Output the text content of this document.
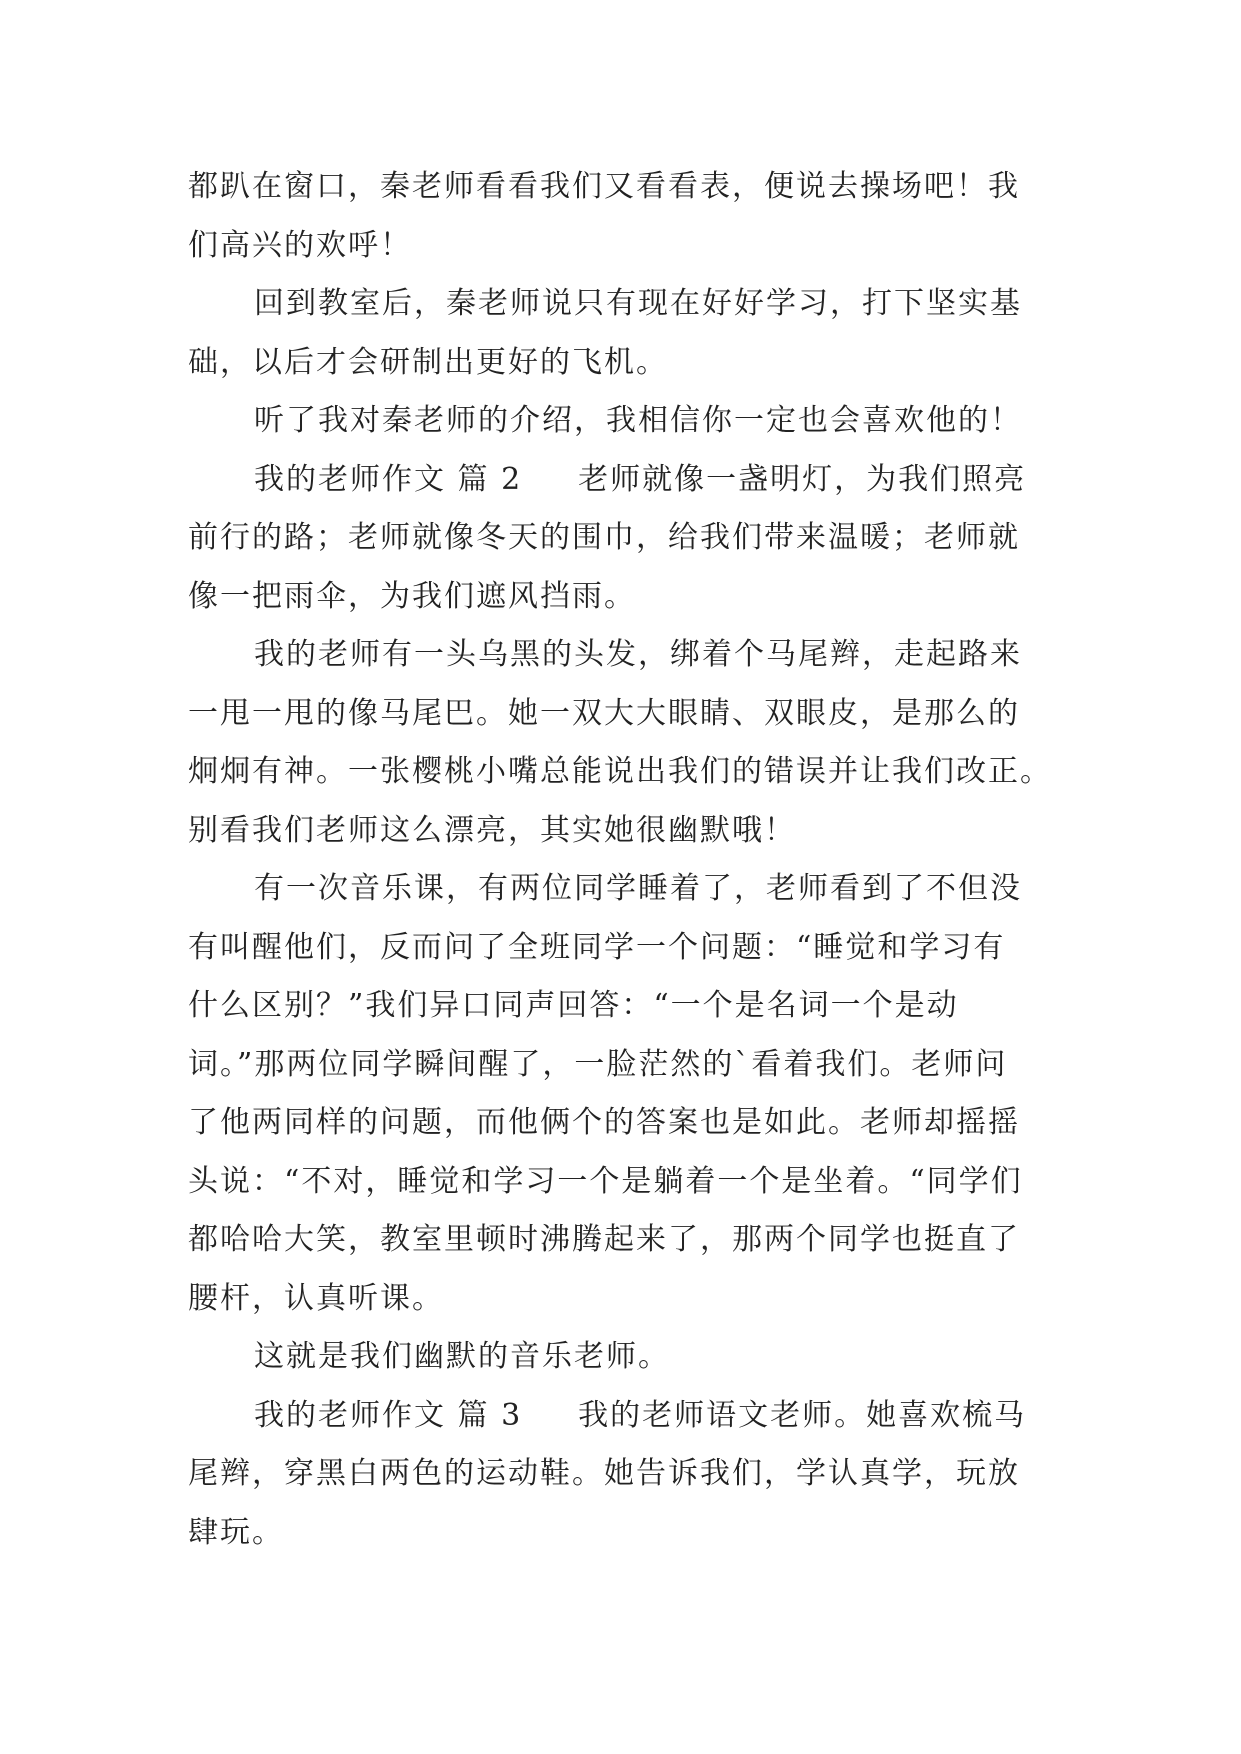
都趴在窗口，秦老师看看我们又看看表，便说去操场吧！我
们高兴的欢呼！
回到教室后，秦老师说只有现在好好学习，打下坚实基
础，以后才会研制出更好的飞机。
听了我对秦老师的介绍，我相信你一定也会喜欢他的！
我的老师作文 篇 2 老师就像一盏明灯，为我们照亮
前行的路；老师就像冬天的围巾，给我们带来温暖；老师就
像一把雨伞，为我们遮风挡雨。
我的老师有一头乌黑的头发，绑着个马尾辫，走起路来
一甩一甩的像马尾巴。她一双大大眼睛、双眼皮，是那么的
炯炯有神。一张樱桃小嘴总能说出我们的错误并让我们改正。
别看我们老师这么漂亮，其实她很幽默哦！
有一次音乐课，有两位同学睡着了，老师看到了不但没
有叫醒他们，反而问了全班同学一个问题：“睡觉和学习有
什么区别？”我们异口同声回答：“一个是名词一个是动
词。”那两位同学瞬间醒了，一脸茫然的`看着我们。老师问
了他两同样的问题，而他俩个的答案也是如此。老师却摇摇
头说：“不对，睡觉和学习一个是躺着一个是坐着。“同学们
都哈哈大笑，教室里顿时沸腾起来了，那两个同学也挺直了
腰杆，认真听课。
这就是我们幽默的音乐老师。
我的老师作文 篇 3 我的老师语文老师。她喜欢梳马
尾辫，穿黑白两色的运动鞋。她告诉我们，学认真学，玩放
肆玩。
